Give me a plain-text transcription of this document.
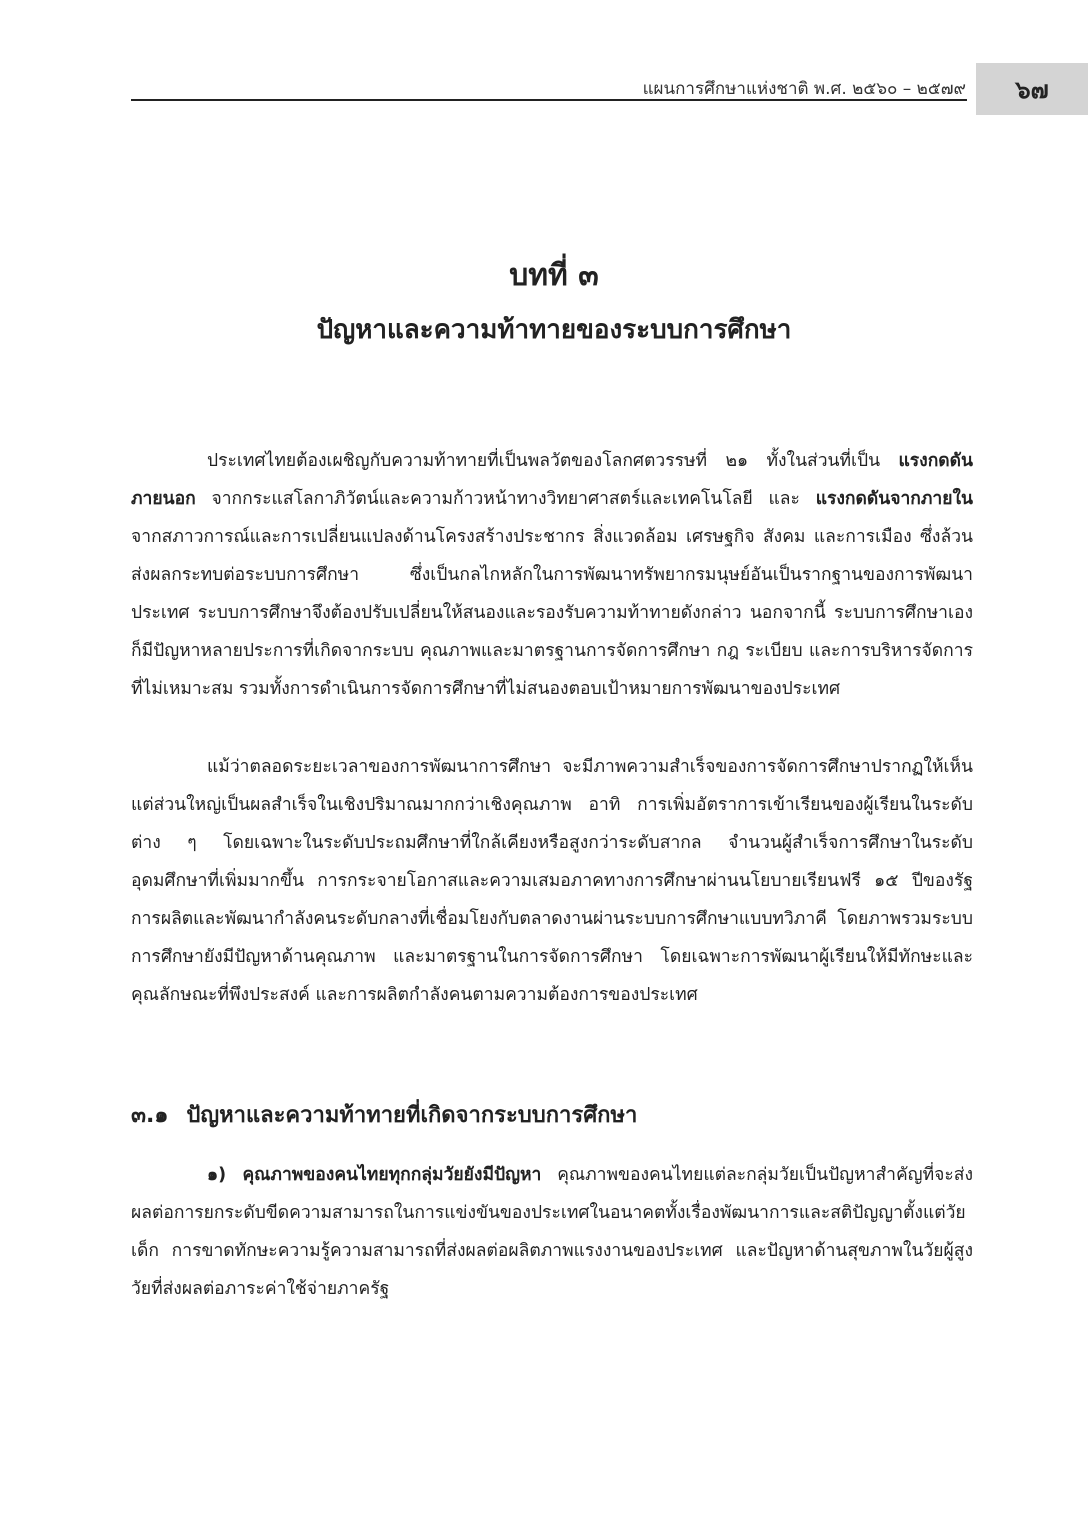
แผนการศึกษาแห่งชาติ พ.ศ. ๒๕๖๐ – ๒๕๗๙ ๖๗
บทที่ ๓
ปัญหาและความท้าทายของระบบการศึกษา

ประเทศไทยต้องเผชิญกับความท้าทายที่เป็นพลวัตของโลกศตวรรษที่ ๒๑ ทั้งในส่วนที่เป็น แรงกดดันภายนอก จากกระแสโลกาภิวัตน์และความก้าวหน้าทางวิทยาศาสตร์และเทคโนโลยี และ แรงกดดันจากภายใน จากสภาวการณ์และการเปลี่ยนแปลงด้านโครงสร้างประชากร สิ่งแวดล้อม เศรษฐกิจ สังคม และการเมือง ซึ่งล้วนส่งผลกระทบต่อระบบการศึกษา ซึ่งเป็นกลไกหลักในการพัฒนาทรัพยากรมนุษย์อันเป็นรากฐานของการพัฒนาประเทศ ระบบการศึกษาจึงต้องปรับเปลี่ยนให้สนองและรองรับความท้าทายดังกล่าว นอกจากนี้ ระบบการศึกษาเองก็มีปัญหาหลายประการที่เกิดจากระบบ คุณภาพและมาตรฐานการจัดการศึกษา กฎ ระเบียบ และการบริหารจัดการที่ไม่เหมาะสม รวมทั้งการดำเนินการจัดการศึกษาที่ไม่สนองตอบเป้าหมายการพัฒนาของประเทศ

แม้ว่าตลอดระยะเวลาของการพัฒนาการศึกษา จะมีภาพความสำเร็จของการจัดการศึกษาปรากฏให้เห็น แต่ส่วนใหญ่เป็นผลสำเร็จในเชิงปริมาณมากกว่าเชิงคุณภาพ อาทิ การเพิ่มอัตราการเข้าเรียนของผู้เรียนในระดับต่าง ๆ โดยเฉพาะในระดับประถมศึกษาที่ใกล้เคียงหรือสูงกว่าระดับสากล จำนวนผู้สำเร็จการศึกษาในระดับอุดมศึกษาที่เพิ่มมากขึ้น การกระจายโอกาสและความเสมอภาคทางการศึกษาผ่านนโยบายเรียนฟรี ๑๕ ปีของรัฐ การผลิตและพัฒนากำลังคนระดับกลางที่เชื่อมโยงกับตลาดงานผ่านระบบการศึกษาแบบทวิภาคี โดยภาพรวมระบบการศึกษายังมีปัญหาด้านคุณภาพ และมาตรฐานในการจัดการศึกษา โดยเฉพาะการพัฒนาผู้เรียนให้มีทักษะและคุณลักษณะที่พึงประสงค์ และการผลิตกำลังคนตามความต้องการของประเทศ

๓.๑ ปัญหาและความท้าทายที่เกิดจากระบบการศึกษา

๑) คุณภาพของคนไทยทุกกลุ่มวัยยังมีปัญหา คุณภาพของคนไทยแต่ละกลุ่มวัยเป็นปัญหาสำคัญที่จะส่งผลต่อการยกระดับขีดความสามารถในการแข่งขันของประเทศในอนาคตทั้งเรื่องพัฒนาการและสติปัญญาตั้งแต่วัยเด็ก การขาดทักษะความรู้ความสามารถที่ส่งผลต่อผลิตภาพแรงงานของประเทศ และปัญหาด้านสุขภาพในวัยผู้สูงวัยที่ส่งผลต่อภาระค่าใช้จ่ายภาครัฐ
